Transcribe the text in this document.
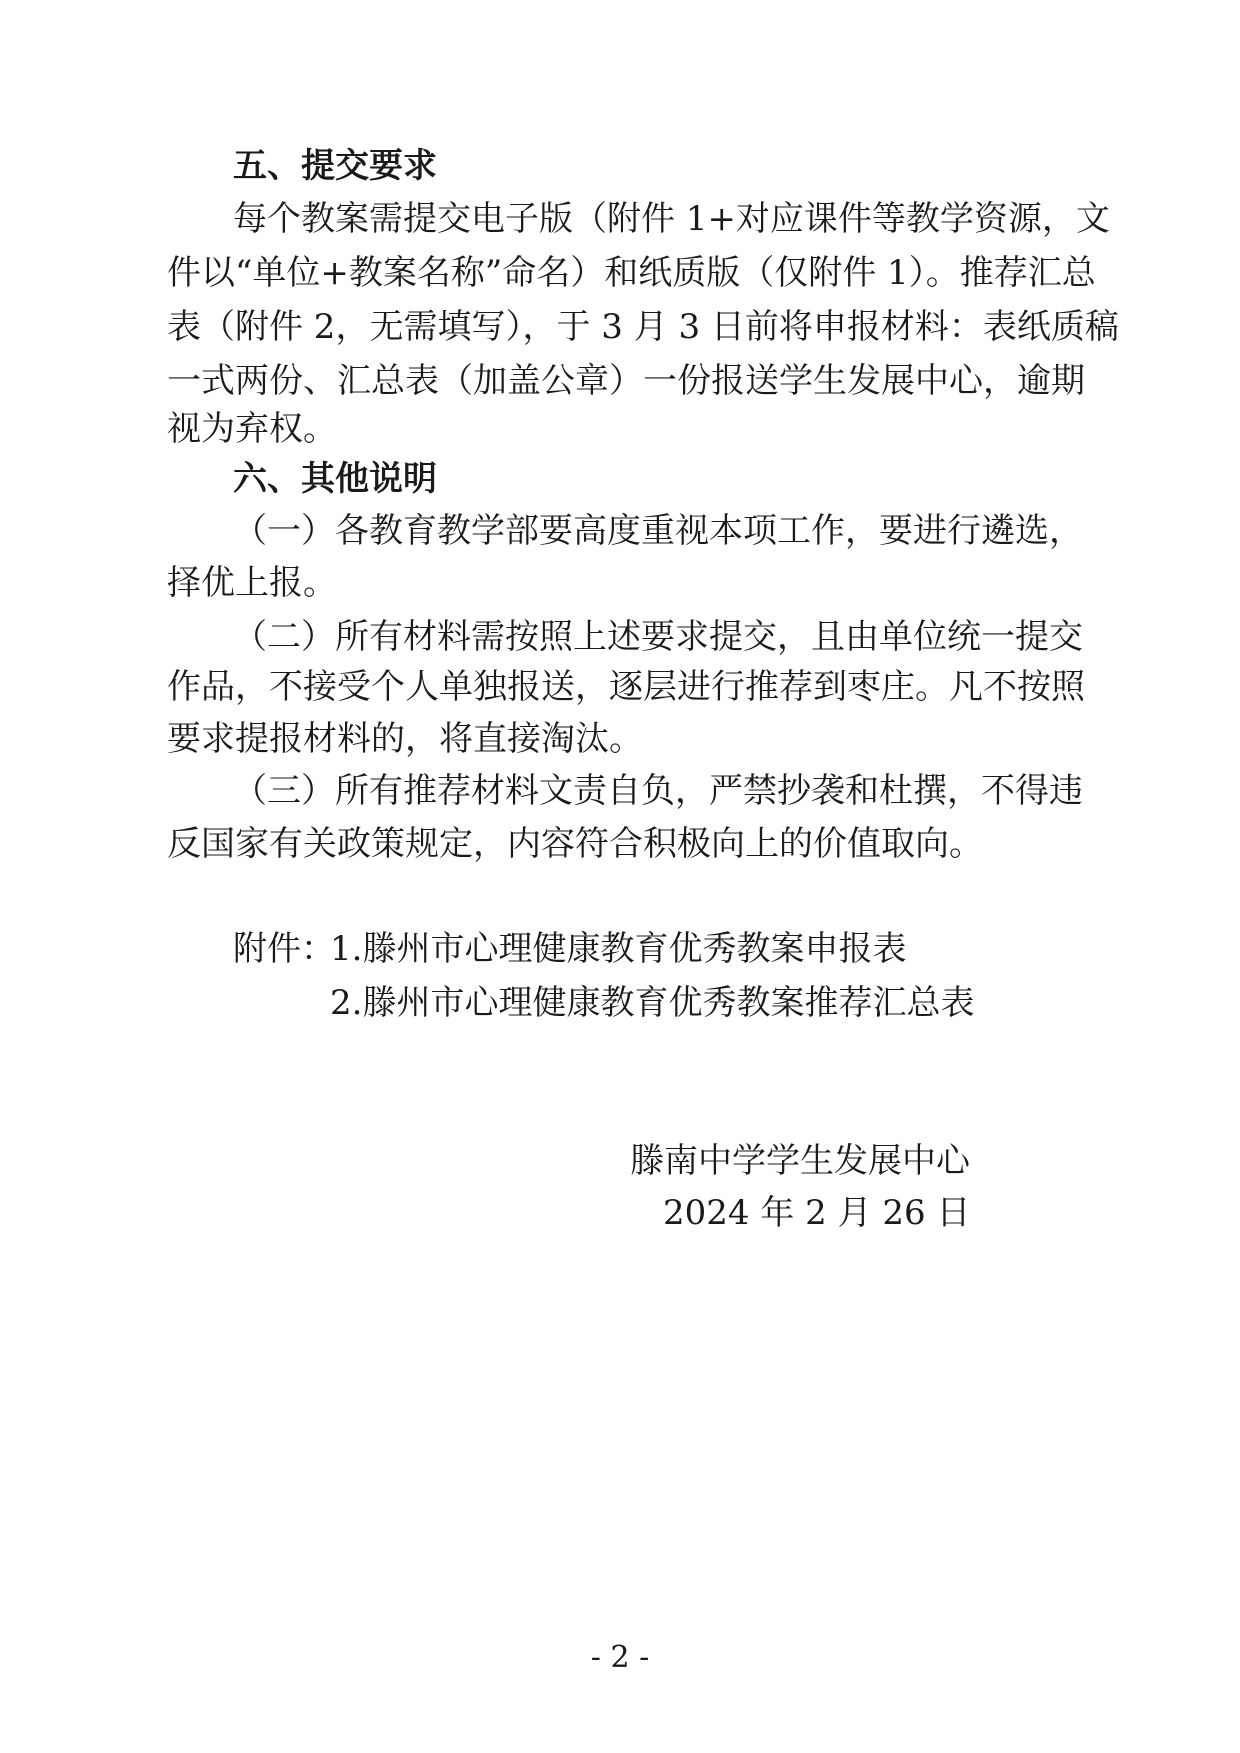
五、提交要求
每个教案需提交电子版（附件 1+对应课件等教学资源，文
件以“单位+教案名称”命名）和纸质版（仅附件 1）。推荐汇总
表（附件 2，无需填写），于 3 月 3 日前将申报材料：表纸质稿
一式两份、汇总表（加盖公章）一份报送学生发展中心，逾期
视为弃权。
六、其他说明
（一）各教育教学部要高度重视本项工作，要进行遴选，
择优上报。
（二）所有材料需按照上述要求提交，且由单位统一提交
作品，不接受个人单独报送，逐层进行推荐到枣庄。凡不按照
要求提报材料的，将直接淘汰。
（三）所有推荐材料文责自负，严禁抄袭和杜撰，不得违
反国家有关政策规定，内容符合积极向上的价值取向。
附件：
1.滕州市心理健康教育优秀教案申报表
2.滕州市心理健康教育优秀教案推荐汇总表
滕南中学学生发展中心
2024 年 2 月 26 日
- 2 -
